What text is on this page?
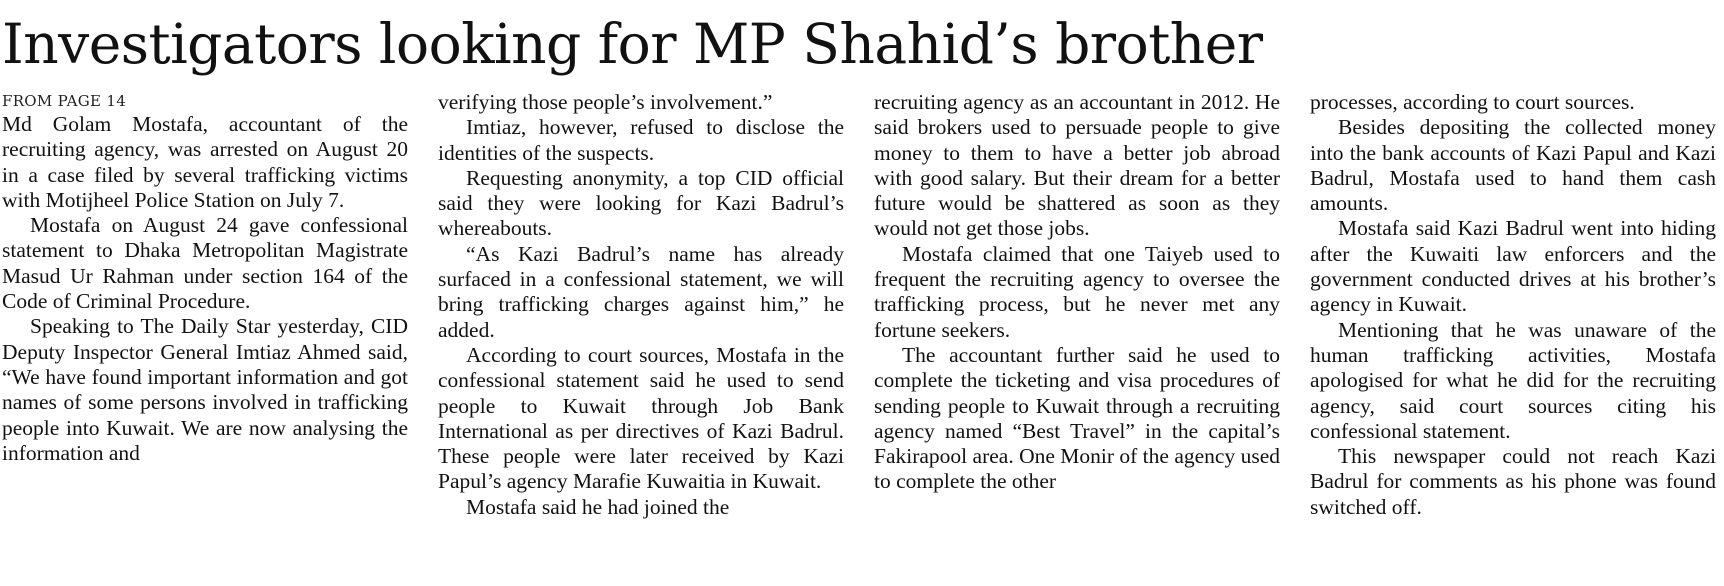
Investigators looking for MP Shahid’s brother
FROM PAGE 14

Md Golam Mostafa, accountant of the recruiting agency, was arrested on August 20 in a case filed by several trafficking victims with Motijheel Police Station on July 7.

Mostafa on August 24 gave confessional statement to Dhaka Metropolitan Magistrate Masud Ur Rahman under section 164 of the Code of Criminal Procedure.

Speaking to The Daily Star yesterday, CID Deputy Inspector General Imtiaz Ahmed said, “We have found important information and got names of some persons involved in trafficking people into Kuwait. We are now analysing the information and

verifying those people’s involvement.”

Imtiaz, however, refused to disclose the identities of the suspects.

Requesting anonymity, a top CID official said they were looking for Kazi Badrul’s whereabouts.

“As Kazi Badrul’s name has already surfaced in a confessional statement, we will bring trafficking charges against him,” he added.

According to court sources, Mostafa in the confessional statement said he used to send people to Kuwait through Job Bank International as per directives of Kazi Badrul. These people were later received by Kazi Papul’s agency Marafie Kuwaitia in Kuwait.

Mostafa said he had joined the

recruiting agency as an accountant in 2012. He said brokers used to persuade people to give money to them to have a better job abroad with good salary. But their dream for a better future would be shattered as soon as they would not get those jobs.

Mostafa claimed that one Taiyeb used to frequent the recruiting agency to oversee the trafficking process, but he never met any fortune seekers.

The accountant further said he used to complete the ticketing and visa procedures of sending people to Kuwait through a recruiting agency named “Best Travel” in the capital’s Fakirapool area. One Monir of the agency used to complete the other

processes, according to court sources.

Besides depositing the collected money into the bank accounts of Kazi Papul and Kazi Badrul, Mostafa used to hand them cash amounts.

Mostafa said Kazi Badrul went into hiding after the Kuwaiti law enforcers and the government conducted drives at his brother’s agency in Kuwait.

Mentioning that he was unaware of the human trafficking activities, Mostafa apologised for what he did for the recruiting agency, said court sources citing his confessional statement.

This newspaper could not reach Kazi Badrul for comments as his phone was found switched off.
